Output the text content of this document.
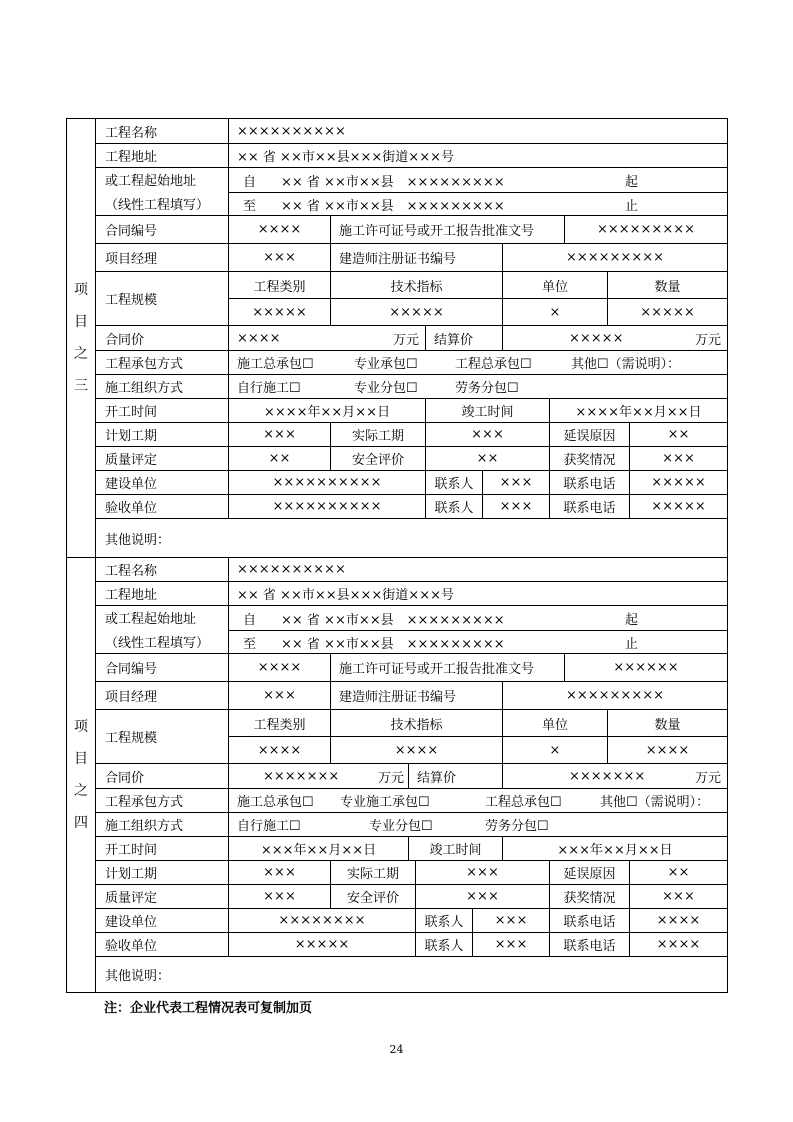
项
目
之
三
工程名称	××××××××××
工程地址	×× 省 ××市××县×××街道×××号
或工程起始地址
（线性工程填写）
自 ×× 省 ××市××县　×××××××××	起
至 ×× 省 ××市××县　×××××××××	止
合同编号	××××	施工许可证号或开工报告批准文号	×××××××××
项目经理	×××	建造师注册证书编号	×××××××××
工程规模
工程类别	技术指标	单位	数量
×××××	×××××	×	×××××
合同价	××××	万元	结算价	×××××	万元
工程承包方式	施工总承包☐	专业承包☐	工程总承包☐	其他☐（需说明）：
施工组织方式	自行施工☐	专业分包☐	劳务分包☐
开工时间	××××年××月××日	竣工时间	××××年××月××日
计划工期	×××	实际工期	×××	延误原因	××
质量评定	××	安全评价	××	获奖情况	×××
建设单位	××××××××××	联系人	×××	联系电话	×××××
验收单位	××××××××××	联系人	×××	联系电话	×××××
其他说明：
项
目
之
四
工程名称	××××××××××
工程地址	×× 省 ××市××县×××街道×××号
或工程起始地址
（线性工程填写）
自 ×× 省 ××市××县　×××××××××	起
至 ×× 省 ××市××县　×××××××××	止
合同编号	××××	施工许可证号或开工报告批准文号	××××××
项目经理	×××	建造师注册证书编号	×××××××××
工程规模
工程类别	技术指标	单位	数量
××××	××××	×	××××
合同价	×××××××	万元	结算价	×××××××	万元
工程承包方式	施工总承包☐ 专业施工承包☐	工程总承包☐	其他☐（需说明）：
施工组织方式	自行施工☐	专业分包☐	劳务分包☐
开工时间	×××年××月××日	竣工时间	×××年××月××日
计划工期	×××	实际工期	×××	延误原因	××
质量评定	×××	安全评价	×××	获奖情况	×××
建设单位	××××××××	联系人	×××	联系电话	××××
验收单位	×××××	联系人	×××	联系电话	××××
其他说明：
注：企业代表工程情况表可复制加页
24
